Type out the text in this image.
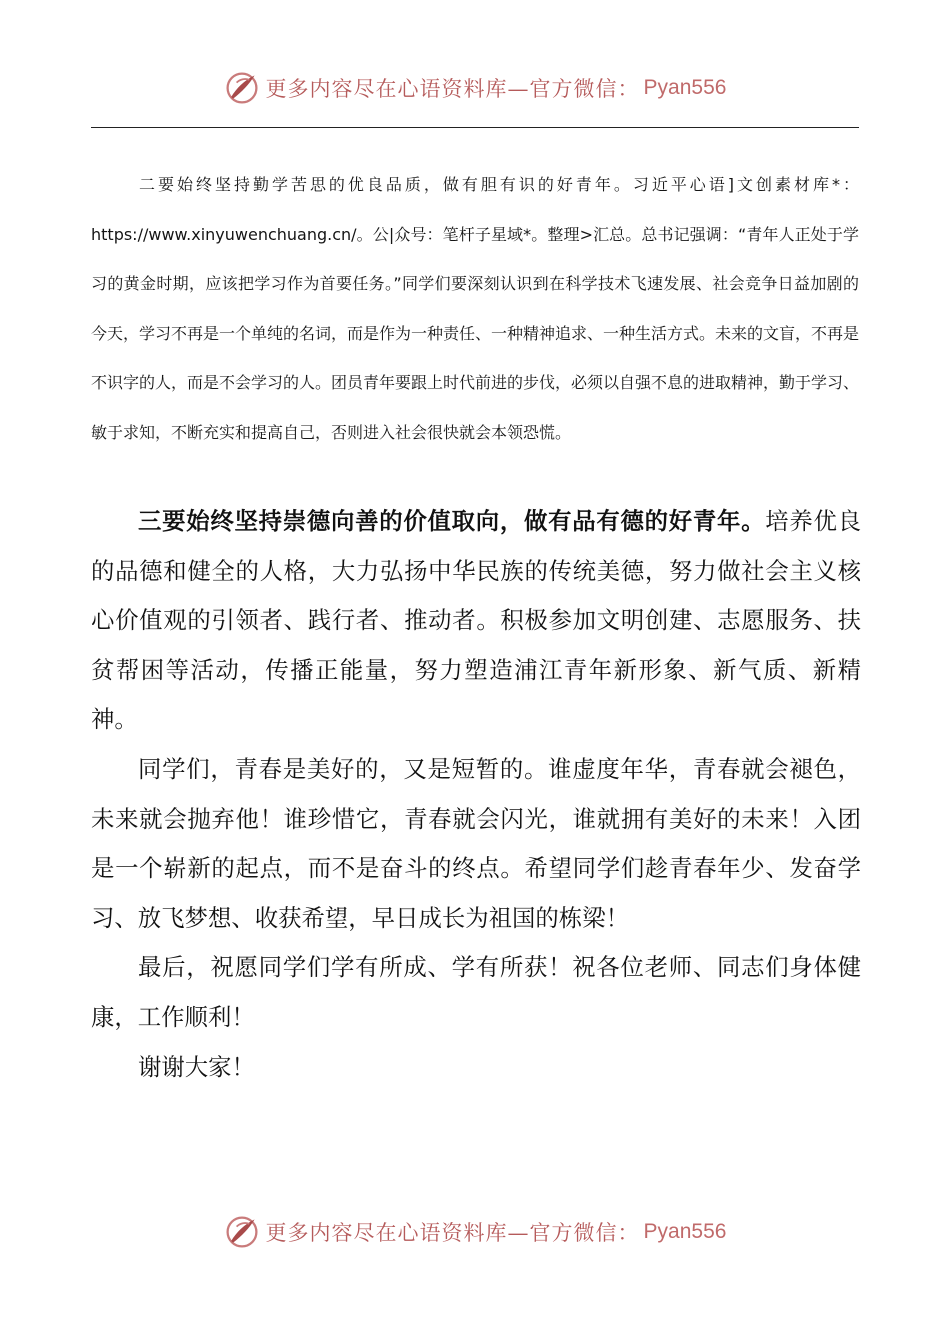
更多内容尽在心语资料库—官方微信： Pyan556

二要始终坚持勤学苦思的优良品质，做有胆有识的好青年。习近平心语]文创素材库*：https://www.xinyuwenchuang.cn/。公|众号：笔杆子星域*。整理>汇总。总书记强调：“青年人正处于学习的黄金时期，应该把学习作为首要任务。”同学们要深刻认识到在科学技术飞速发展、社会竞争日益加剧的今天，学习不再是一个单纯的名词，而是作为一种责任、一种精神追求、一种生活方式。未来的文盲，不再是不识字的人，而是不会学习的人。团员青年要跟上时代前进的步伐，必须以自强不息的进取精神，勤于学习、敏于求知，不断充实和提高自己，否则进入社会很快就会本领恐慌。

三要始终坚持崇德向善的价值取向，做有品有德的好青年。培养优良的品德和健全的人格，大力弘扬中华民族的传统美德，努力做社会主义核心价值观的引领者、践行者、推动者。积极参加文明创建、志愿服务、扶贫帮困等活动，传播正能量，努力塑造浦江青年新形象、新气质、新精神。

同学们，青春是美好的，又是短暂的。谁虚度年华，青春就会褪色，未来就会抛弃他！谁珍惜它，青春就会闪光，谁就拥有美好的未来！入团是一个崭新的起点，而不是奋斗的终点。希望同学们趁青春年少、发奋学习、放飞梦想、收获希望，早日成长为祖国的栋梁！

最后，祝愿同学们学有所成、学有所获！祝各位老师、同志们身体健康，工作顺利！

谢谢大家！

更多内容尽在心语资料库—官方微信： Pyan556
